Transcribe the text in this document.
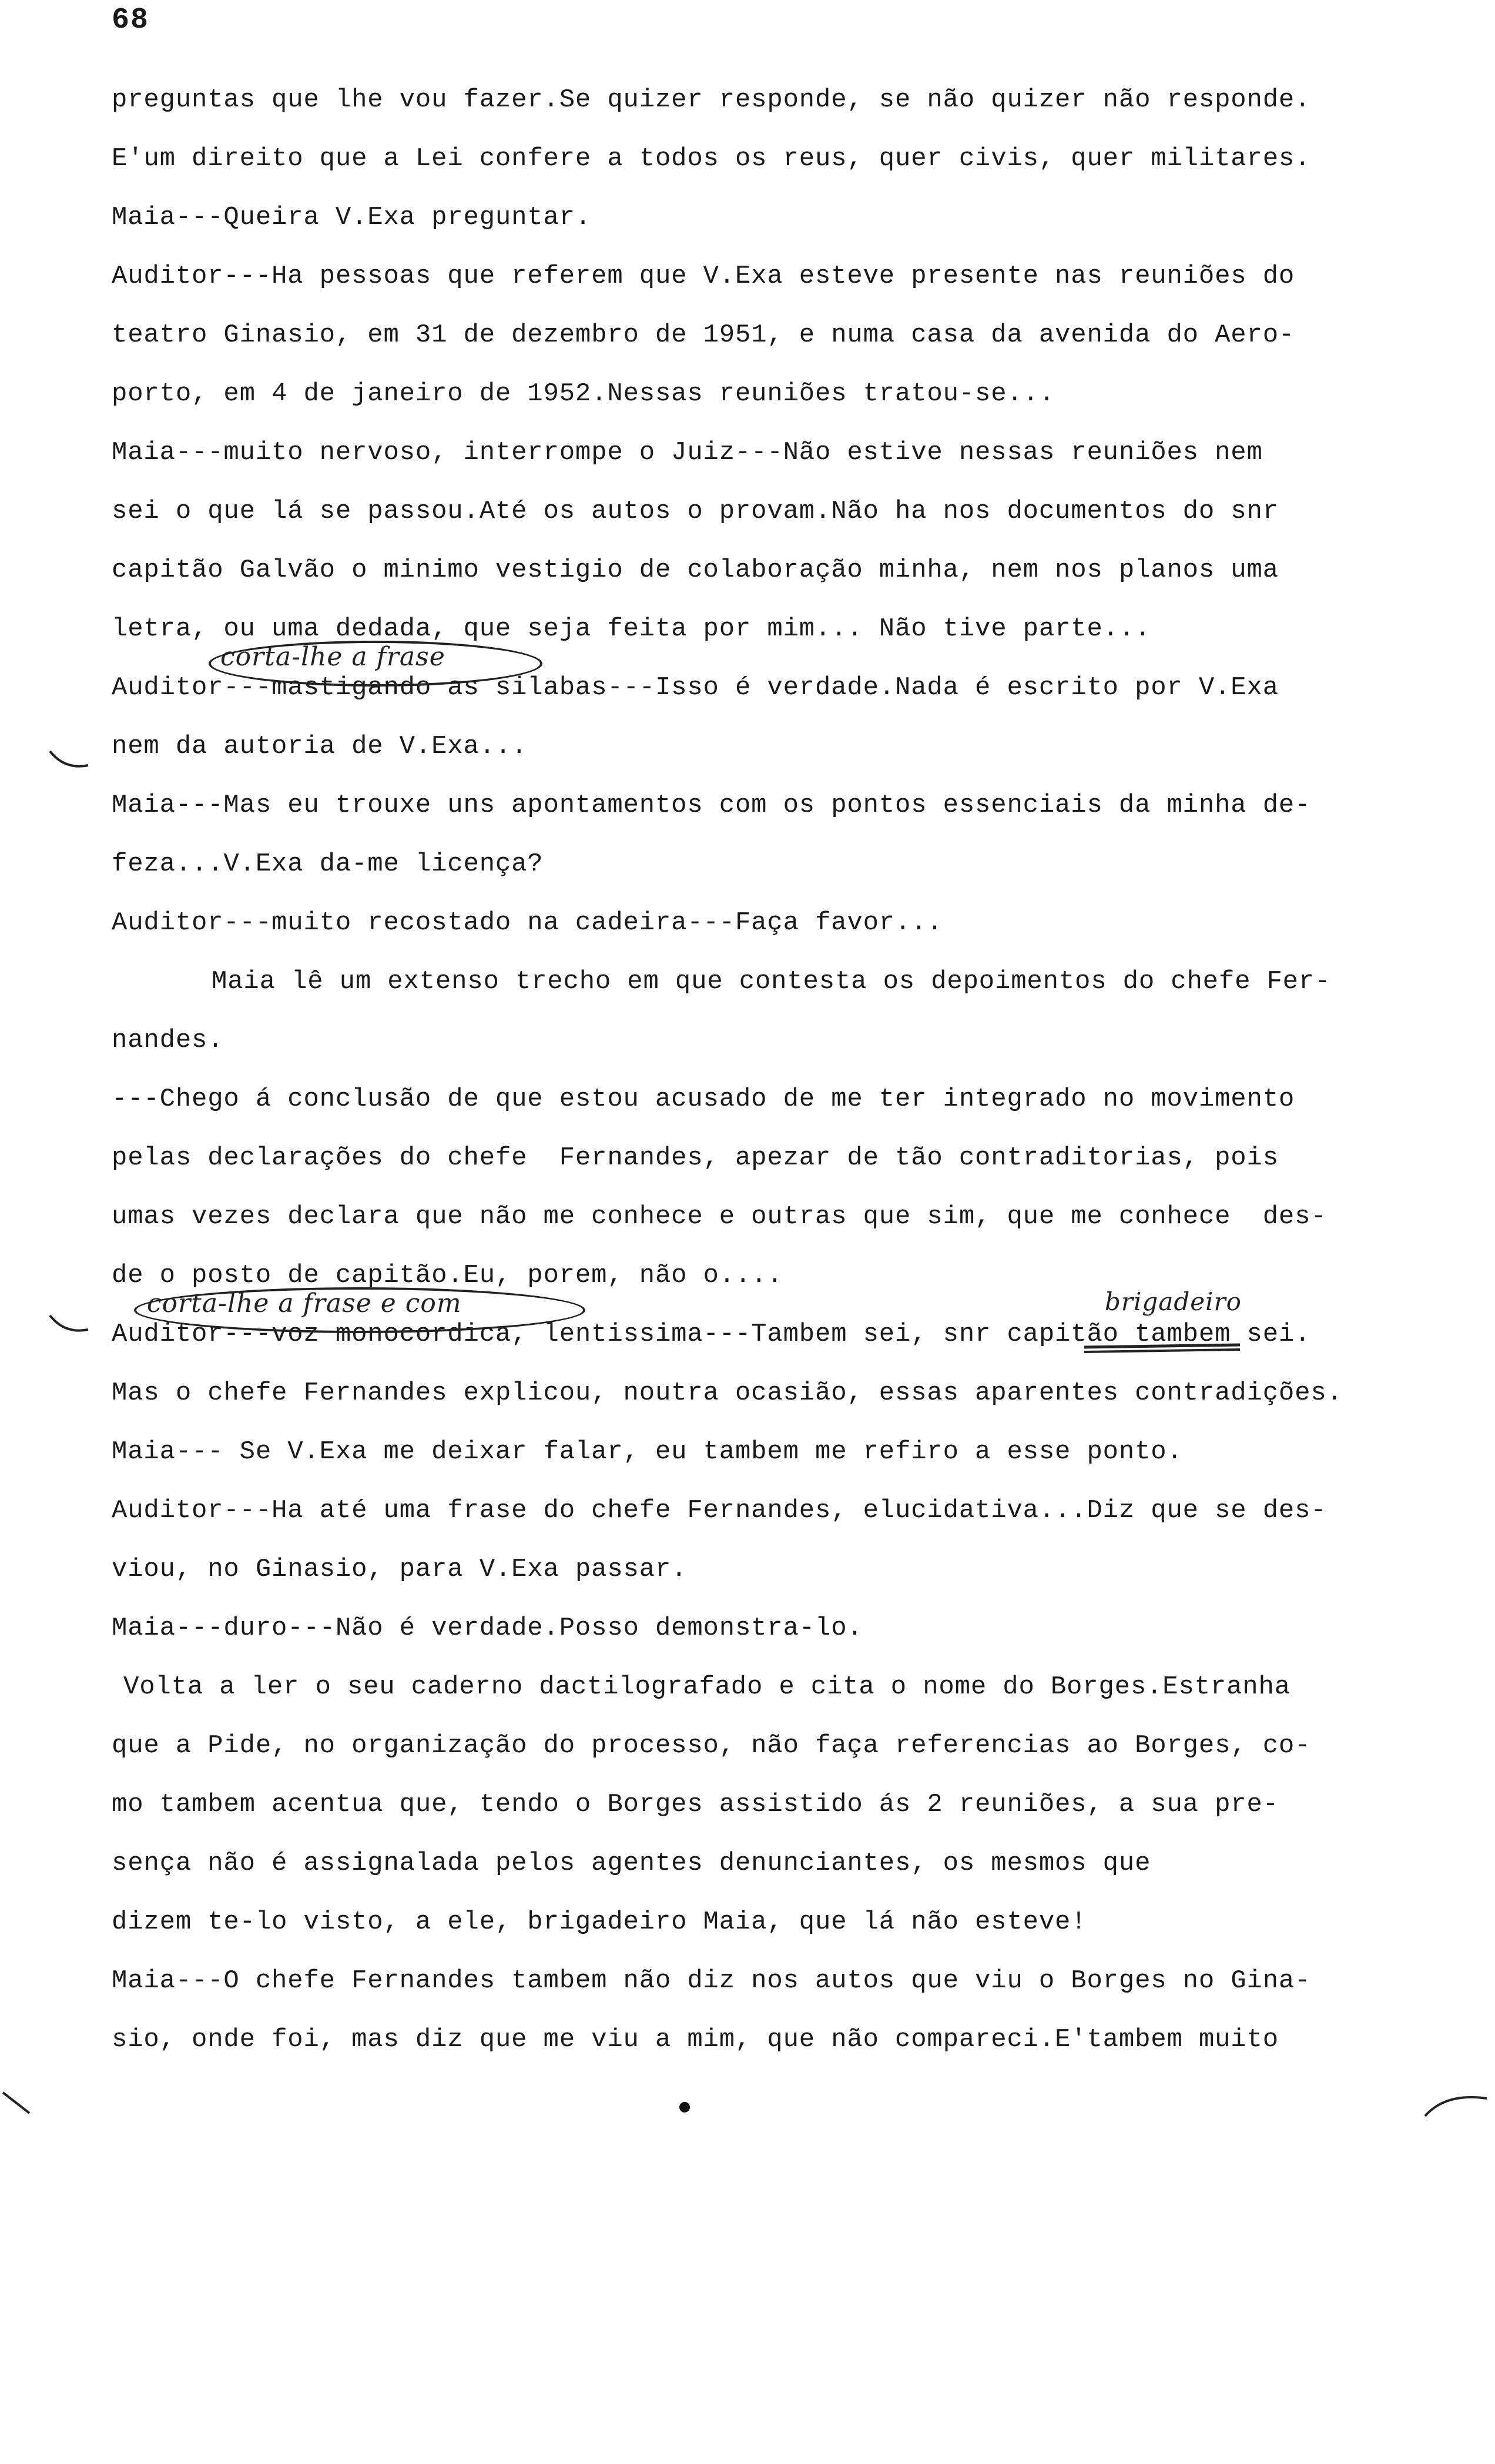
68
preguntas que lhe vou fazer.Se quizer responde, se não quizer não responde.
E'um direito que a Lei confere a todos os reus, quer civis, quer militares.
Maia---Queira V.Exa preguntar.
Auditor---Ha pessoas que referem que V.Exa esteve presente nas reuniões do
teatro Ginasio, em 31 de dezembro de 1951, e numa casa da avenida do Aero-
porto, em 4 de janeiro de 1952.Nessas reuniões tratou-se...
Maia---muito nervoso, interrompe o Juiz---Não estive nessas reuniões nem
sei o que lá se passou.Até os autos o provam.Não ha nos documentos do snr
capitão Galvão o minimo vestigio de colaboração minha, nem nos planos uma
letra, ou uma dedada, que seja feita por mim... Não tive parte...
Auditor---mastigando as silabas---Isso é verdade.Nada é escrito por V.Exa
nem da autoria de V.Exa...
Maia---Mas eu trouxe uns apontamentos com os pontos essenciais da minha de-
feza...V.Exa da-me licença?
Auditor---muito recostado na cadeira---Faça favor...
Maia lê um extenso trecho em que contesta os depoimentos do chefe Fer-
nandes.
---Chego á conclusão de que estou acusado de me ter integrado no movimento
pelas declarações do chefe  Fernandes, apezar de tão contraditorias, pois
umas vezes declara que não me conhece e outras que sim, que me conhece  des-
de o posto de capitão.Eu, porem, não o....
Auditor---voz monocordica, lentissima---Tambem sei, snr capitão tambem sei.
Mas o chefe Fernandes explicou, noutra ocasião, essas aparentes contradições.
Maia--- Se V.Exa me deixar falar, eu tambem me refiro a esse ponto.
Auditor---Ha até uma frase do chefe Fernandes, elucidativa...Diz que se des-
viou, no Ginasio, para V.Exa passar.
Maia---duro---Não é verdade.Posso demonstra-lo.
Volta a ler o seu caderno dactilografado e cita o nome do Borges.Estranha
que a Pide, no organização do processo, não faça referencias ao Borges, co-
mo tambem acentua que, tendo o Borges assistido ás 2 reuniões, a sua pre-
sença não é assignalada pelos agentes denunciantes, os mesmos que
dizem te-lo visto, a ele, brigadeiro Maia, que lá não esteve!
Maia---O chefe Fernandes tambem não diz nos autos que viu o Borges no Gina-
sio, onde foi, mas diz que me viu a mim, que não compareci.E'tambem muito
corta-lhe a frase
corta-lhe a frase e com	brigadeiro
